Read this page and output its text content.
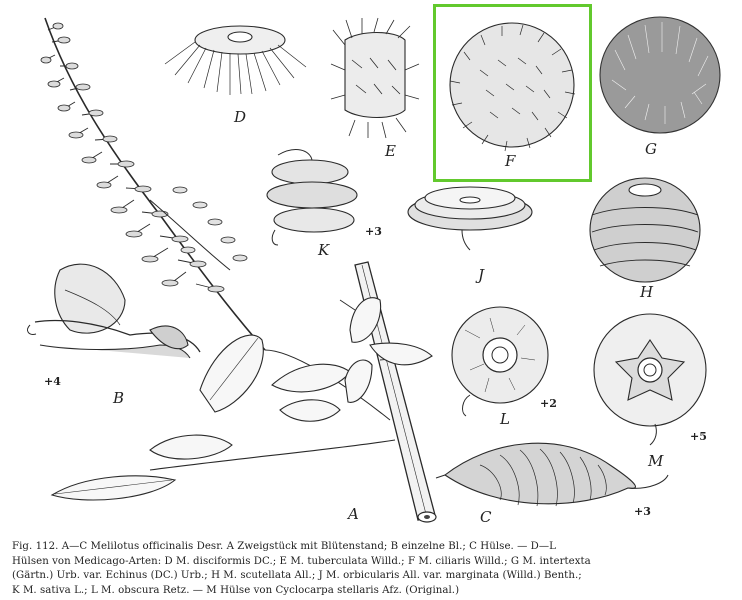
D
E
F
G
K
J
H
B
L
M
A	C
+3
+4
+2
+5
+3

Fig. 112. A—C Melilotus officinalis Desr. A Zweigstück mit Blütenstand; B einzelne Bl.; C Hülse. — D—L

Hülsen von Medicago-Arten: D M. disciformis DC.; E M. tuberculata Willd.; F M. ciliaris Willd.; G M. intertexta

(Gärtn.) Urb. var. Echinus (DC.) Urb.; H M. scutellata All.; J M. orbicularis All. var. marginata (Willd.) Benth.;

K M. sativa L.; L M. obscura Retz. — M Hülse von Cyclocarpa stellaris Afz. (Original.)
